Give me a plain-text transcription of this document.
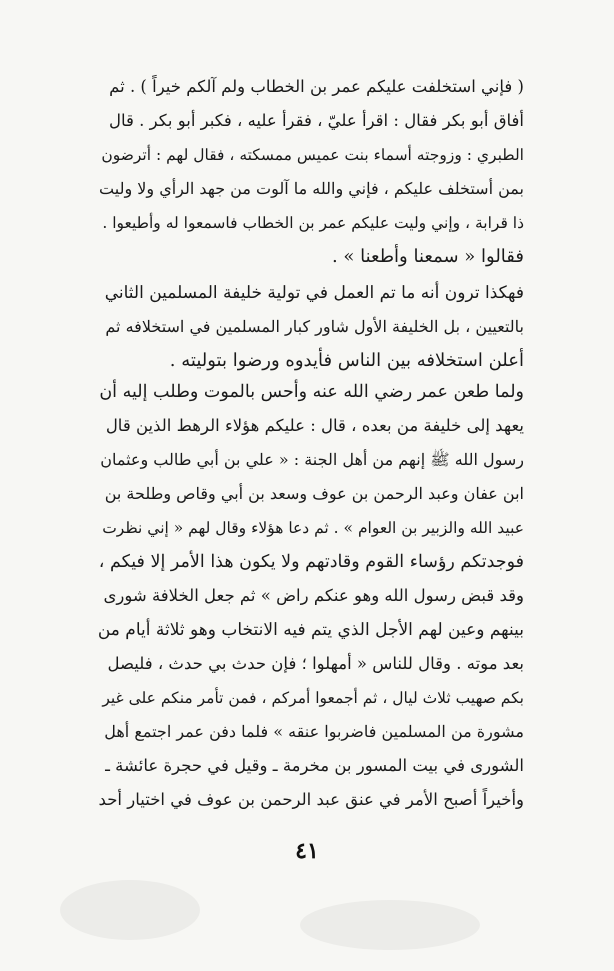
( فإني استخلفت عليكم عمر بن الخطاب ولم آلكم خيراً ) . ثم
أفاق أبو بكر فقال : اقرأ عليّ ، فقرأ عليه ، فكبر أبو بكر . قال
الطبري : وزوجته أسماء بنت عميس ممسكته ، فقال لهم : أترضون
بمن أستخلف عليكم ، فإني والله ما آلوت من جهد الرأي ولا وليت
ذا قرابة ، وإني وليت عليكم عمر بن الخطاب فاسمعوا له وأطيعوا .
فقالوا « سمعنا وأطعنا » .
فهكذا ترون أنه ما تم العمل في تولية خليفة المسلمين الثاني
بالتعيين ، بل الخليفة الأول شاور كبار المسلمين في استخلافه ثم
أعلن استخلافه بين الناس فأيدوه ورضوا بتوليته .
ولما طعن عمر رضي الله عنه وأحس بالموت وطلب إليه أن
يعهد إلى خليفة من بعده ، قال : عليكم هؤلاء الرهط الذين قال
رسول الله ﷺ إنهم من أهل الجنة : « علي بن أبي طالب وعثمان
ابن عفان وعبد الرحمن بن عوف وسعد بن أبي وقاص وطلحة بن
عبيد الله والزبير بن العوام » . ثم دعا هؤلاء وقال لهم « إني نظرت
فوجدتكم رؤساء القوم وقادتهم ولا يكون هذا الأمر إلا فيكم ،
وقد قبض رسول الله وهو عنكم راض » ثم جعل الخلافة شورى
بينهم وعين لهم الأجل الذي يتم فيه الانتخاب وهو ثلاثة أيام من
بعد موته . وقال للناس « أمهلوا ؛ فإن حدث بي حدث ، فليصل
بكم صهيب ثلاث ليال ، ثم أجمعوا أمركم ، فمن تأمر منكم على غير
مشورة من المسلمين فاضربوا عنقه » فلما دفن عمر اجتمع أهل
الشورى في بيت المسور بن مخرمة ـ وقيل في حجرة عائشة ـ
وأخيراً أصبح الأمر في عنق عبد الرحمن بن عوف في اختيار أحد
٤١
